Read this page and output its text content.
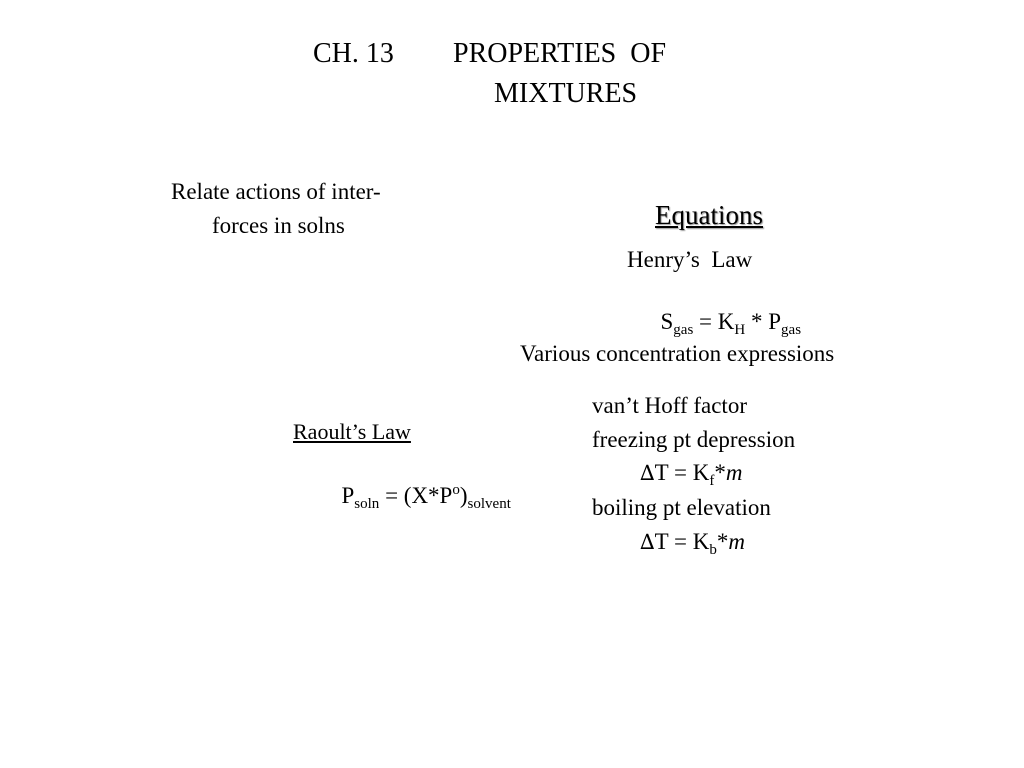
CH. 13 PROPERTIES  OF
MIXTURES
Relate actions of inter-
forces in solns	Equations
Henry’s  Law

$S_{gas} = K_H * P_{gas}$

Various concentration expressions
van’t Hoff factor
freezing pt depression
$\Delta T = K_f*m$
boiling pt elevation
$\Delta T = K_b*m$
Raoult’s Law

$P_{soln} = (X*P^o)_{solvent}$
